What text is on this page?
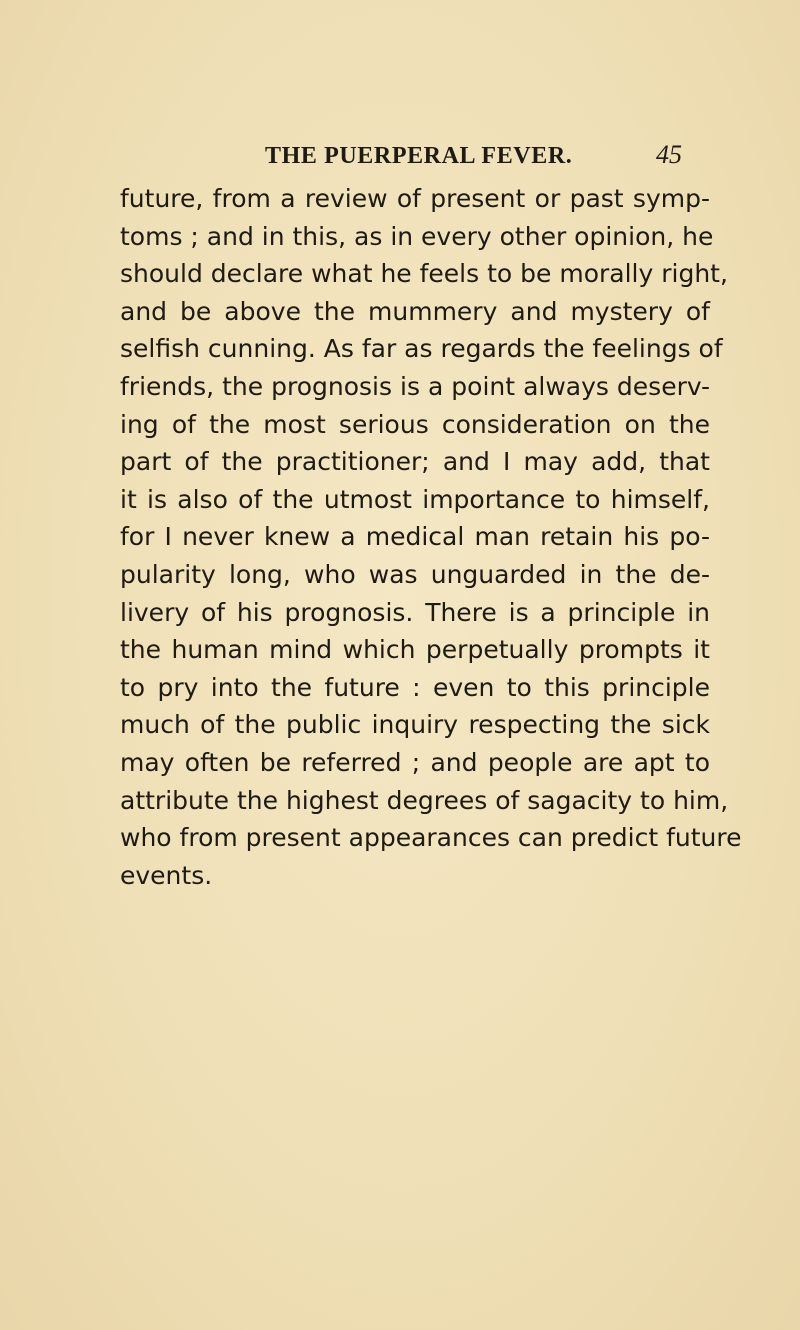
THE PUERPERAL FEVER.	45
future, from a review of present or past symp-
toms ; and in this, as in every other opinion, he
should declare what he feels to be morally right,
and be above the mummery and mystery of
selfish cunning. As far as regards the feelings of
friends, the prognosis is a point always deserv-
ing of the most serious consideration on the
part of the practitioner; and I may add, that
it is also of the utmost importance to himself,
for I never knew a medical man retain his po-
pularity long, who was unguarded in the de-
livery of his prognosis. There is a principle in
the human mind which perpetually prompts it
to pry into the future : even to this principle
much of the public inquiry respecting the sick
may often be referred ; and people are apt to
attribute the highest degrees of sagacity to him,
who from present appearances can predict future
events.
